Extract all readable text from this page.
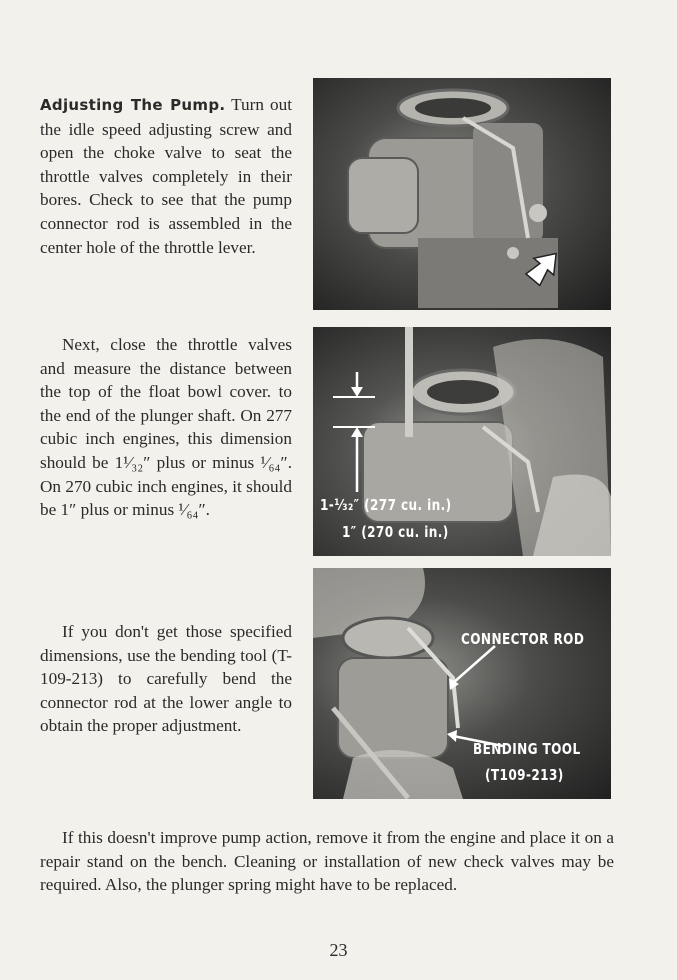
Adjusting The Pump. Turn out the idle speed adjusting screw and open the choke valve to seat the throttle valves completely in their bores. Check to see that the pump connector rod is assembled in the center hole of the throttle lever.

Next, close the throttle valves and measure the distance between the top of the float bowl cover. to the end of the plunger shaft. On 277 cubic inch engines, this dimension should be 1¹⁄₃₂″ plus or minus ¹⁄₆₄″. On 270 cubic inch engines, it should be 1″ plus or minus ¹⁄₆₄″.

If you don't get those specified dimensions, use the bending tool (T-109-213) to carefully bend the connector rod at the lower angle to obtain the proper adjustment.

If this doesn't improve pump action, remove it from the engine and place it on a repair stand on the bench. Cleaning or installation of new check valves may be required. Also, the plunger spring might have to be replaced.

1-¹⁄₃₂″ (277 cu. in.)
1″ (270 cu. in.)
CONNECTOR ROD
BENDING TOOL
(T109-213)
23
